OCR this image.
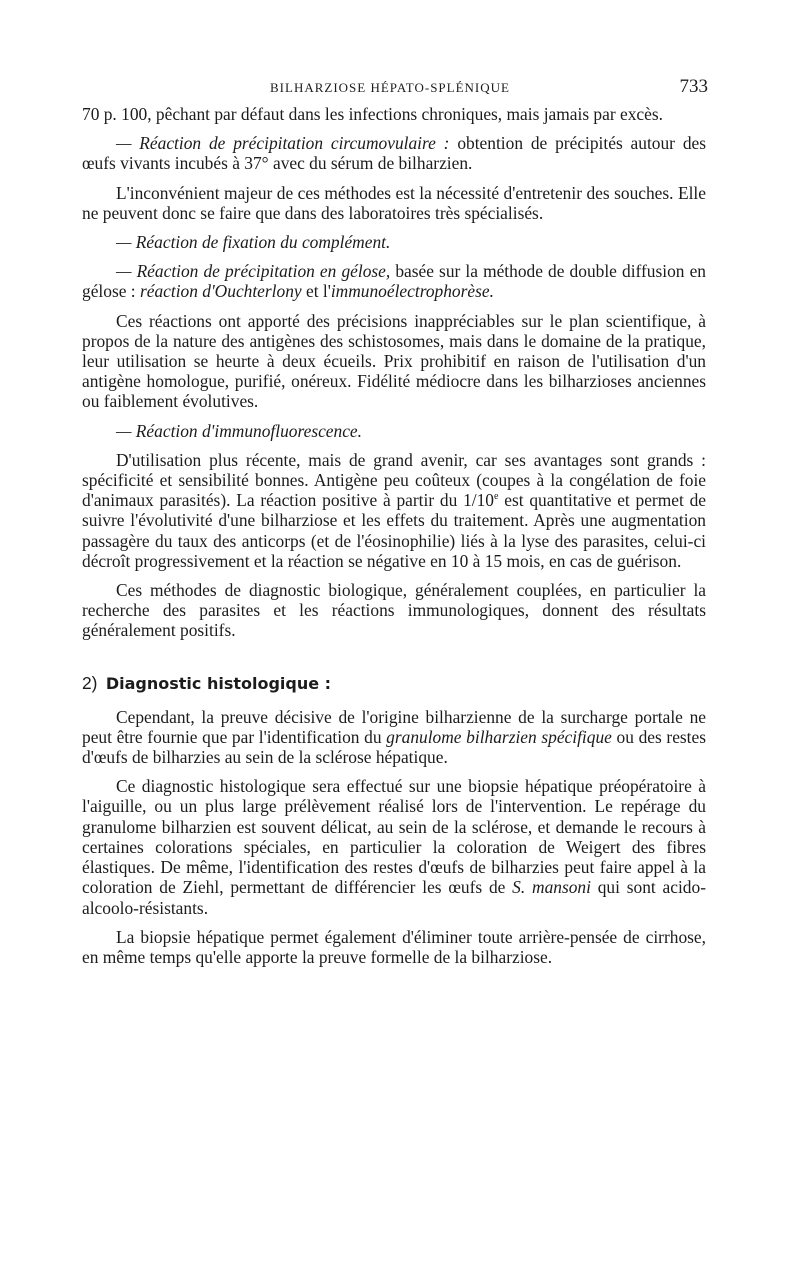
BILHARZIOSE HÉPATO-SPLÉNIQUE	733

70 p. 100, pêchant par défaut dans les infections chroniques, mais jamais par excès.

— Réaction de précipitation circumovulaire : obtention de précipités autour des œufs vivants incubés à 37° avec du sérum de bilharzien.

L'inconvénient majeur de ces méthodes est la nécessité d'entretenir des souches. Elle ne peuvent donc se faire que dans des laboratoires très spécialisés.

— Réaction de fixation du complément.

— Réaction de précipitation en gélose, basée sur la méthode de double diffusion en gélose : réaction d'Ouchterlony et l'immunoélectrophorèse.

Ces réactions ont apporté des précisions inappréciables sur le plan scientifique, à propos de la nature des antigènes des schistosomes, mais dans le domaine de la pratique, leur utilisation se heurte à deux écueils. Prix prohibitif en raison de l'utilisation d'un antigène homologue, purifié, onéreux. Fidélité médiocre dans les bilharzioses anciennes ou faiblement évolutives.

— Réaction d'immunofluorescence.

D'utilisation plus récente, mais de grand avenir, car ses avantages sont grands : spécificité et sensibilité bonnes. Antigène peu coûteux (coupes à la congélation de foie d'animaux parasités). La réaction positive à partir du 1/10e est quantitative et permet de suivre l'évolutivité d'une bilharziose et les effets du traitement. Après une augmentation passagère du taux des anticorps (et de l'éosinophilie) liés à la lyse des parasites, celui-ci décroît progressivement et la réaction se négative en 10 à 15 mois, en cas de guérison.

Ces méthodes de diagnostic biologique, généralement couplées, en particulier la recherche des parasites et les réactions immunologiques, donnent des résultats généralement positifs.

2) Diagnostic histologique :

Cependant, la preuve décisive de l'origine bilharzienne de la surcharge portale ne peut être fournie que par l'identification du granulome bilharzien spécifique ou des restes d'œufs de bilharzies au sein de la sclérose hépatique.

Ce diagnostic histologique sera effectué sur une biopsie hépatique préopératoire à l'aiguille, ou un plus large prélèvement réalisé lors de l'intervention. Le repérage du granulome bilharzien est souvent délicat, au sein de la sclérose, et demande le recours à certaines colorations spéciales, en particulier la coloration de Weigert des fibres élastiques. De même, l'identification des restes d'œufs de bilharzies peut faire appel à la coloration de Ziehl, permettant de différencier les œufs de S. mansoni qui sont acido-alcoolo-résistants.

La biopsie hépatique permet également d'éliminer toute arrière-pensée de cirrhose, en même temps qu'elle apporte la preuve formelle de la bilharziose.
